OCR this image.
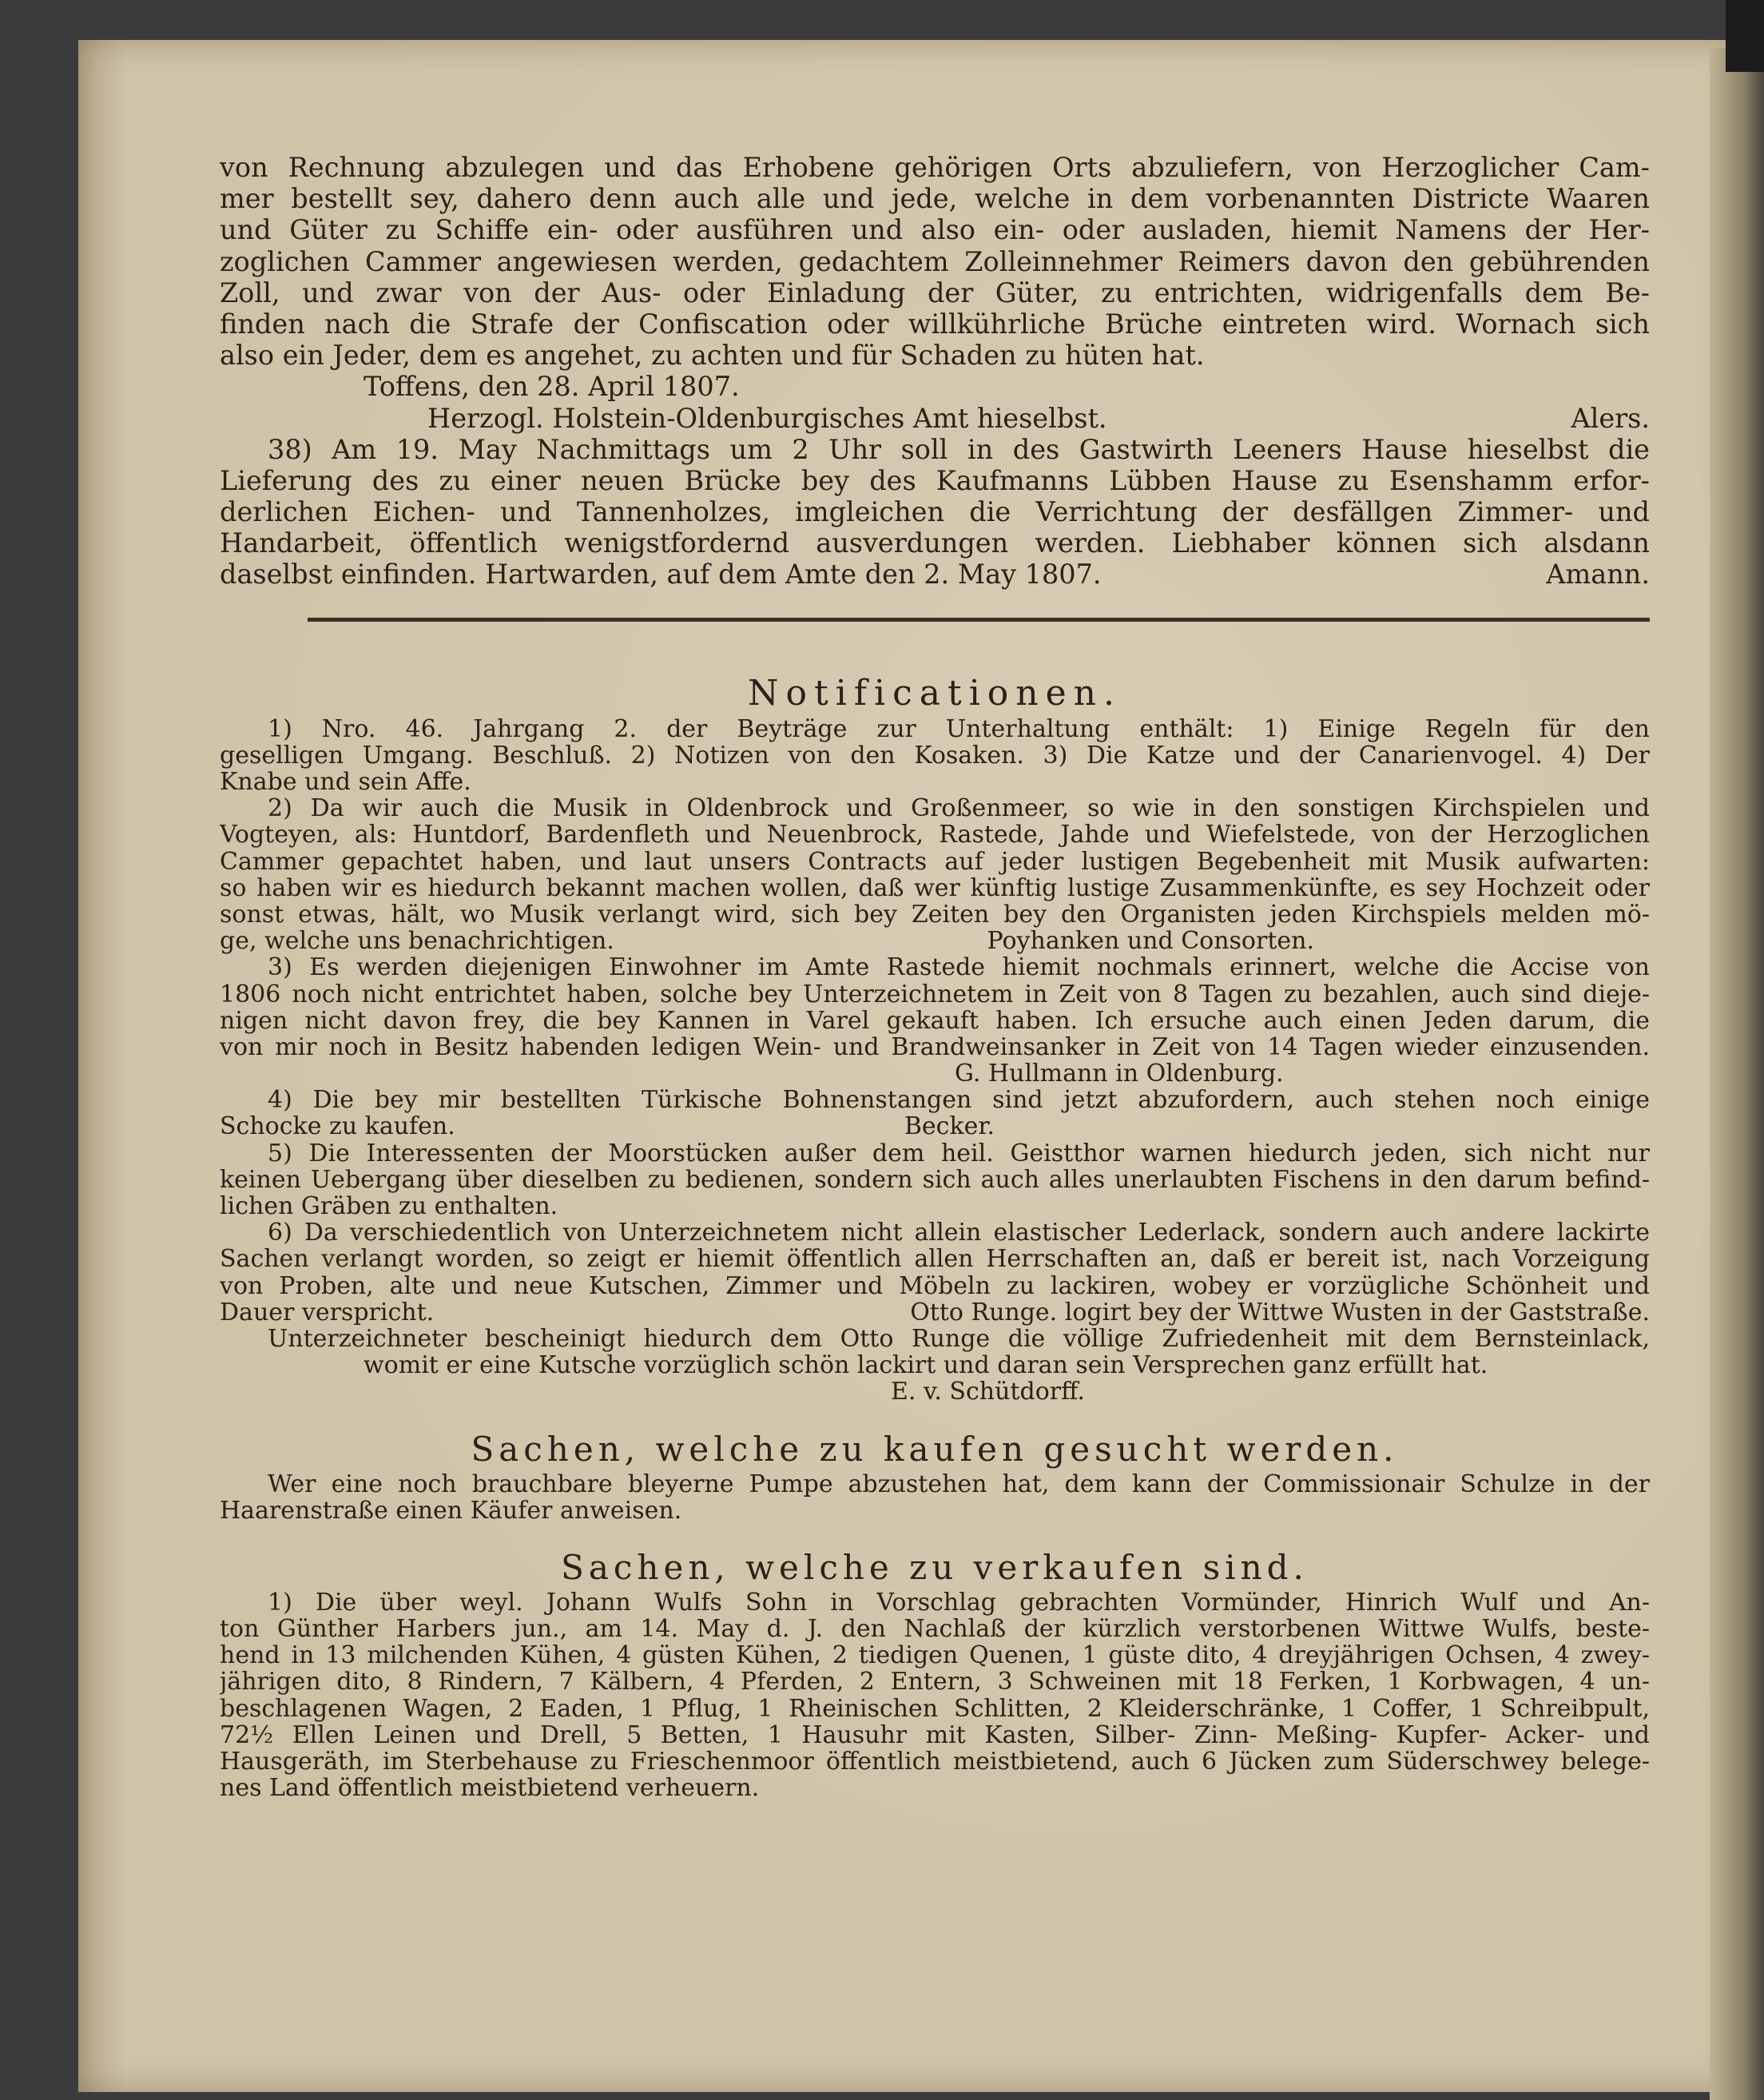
von Rechnung abzulegen und das Erhobene gehörigen Orts abzuliefern, von Herzoglicher Cam-
mer bestellt sey, dahero denn auch alle und jede, welche in dem vorbenannten Districte Waaren
und Güter zu Schiffe ein- oder ausführen und also ein- oder ausladen, hiemit Namens der Her-
zoglichen Cammer angewiesen werden, gedachtem Zolleinnehmer Reimers davon den gebührenden
Zoll, und zwar von der Aus- oder Einladung der Güter, zu entrichten, widrigenfalls dem Be-
finden nach die Strafe der Confiscation oder willkührliche Brüche eintreten wird. Wornach sich
also ein Jeder, dem es angehet, zu achten und für Schaden zu hüten hat.
Toffens, den 28. April 1807.
Herzogl. Holstein-Oldenburgisches Amt hieselbst.	Alers.
38) Am 19. May Nachmittags um 2 Uhr soll in des Gastwirth Leeners Hause hieselbst die
Lieferung des zu einer neuen Brücke bey des Kaufmanns Lübben Hause zu Esenshamm erfor-
derlichen Eichen- und Tannenholzes, imgleichen die Verrichtung der desfällgen Zimmer- und
Handarbeit, öffentlich wenigstfordernd ausverdungen werden. Liebhaber können sich alsdann
daselbst einfinden. Hartwarden, auf dem Amte den 2. May 1807.	Amann.
Notificationen.
1) Nro. 46. Jahrgang 2. der Beyträge zur Unterhaltung enthält: 1) Einige Regeln für den
geselligen Umgang. Beschluß. 2) Notizen von den Kosaken. 3) Die Katze und der Canarienvogel. 4) Der
Knabe und sein Affe.
2) Da wir auch die Musik in Oldenbrock und Großenmeer, so wie in den sonstigen Kirchspielen und
Vogteyen, als: Huntdorf, Bardenfleth und Neuenbrock, Rastede, Jahde und Wiefelstede, von der Herzoglichen
Cammer gepachtet haben, und laut unsers Contracts auf jeder lustigen Begebenheit mit Musik aufwarten:
so haben wir es hiedurch bekannt machen wollen, daß wer künftig lustige Zusammenkünfte, es sey Hochzeit oder
sonst etwas, hält, wo Musik verlangt wird, sich bey Zeiten bey den Organisten jeden Kirchspiels melden mö-
ge, welche uns benachrichtigen.	Poyhanken und Consorten.
3) Es werden diejenigen Einwohner im Amte Rastede hiemit nochmals erinnert, welche die Accise von
1806 noch nicht entrichtet haben, solche bey Unterzeichnetem in Zeit von 8 Tagen zu bezahlen, auch sind dieje-
nigen nicht davon frey, die bey Kannen in Varel gekauft haben. Ich ersuche auch einen Jeden darum, die
von mir noch in Besitz habenden ledigen Wein- und Brandweinsanker in Zeit von 14 Tagen wieder einzusenden.
G. Hullmann in Oldenburg.
4) Die bey mir bestellten Türkische Bohnenstangen sind jetzt abzufordern, auch stehen noch einige
Schocke zu kaufen.	Becker.
5) Die Interessenten der Moorstücken außer dem heil. Geistthor warnen hiedurch jeden, sich nicht nur
keinen Uebergang über dieselben zu bedienen, sondern sich auch alles unerlaubten Fischens in den darum befind-
lichen Gräben zu enthalten.
6) Da verschiedentlich von Unterzeichnetem nicht allein elastischer Lederlack, sondern auch andere lackirte
Sachen verlangt worden, so zeigt er hiemit öffentlich allen Herrschaften an, daß er bereit ist, nach Vorzeigung
von Proben, alte und neue Kutschen, Zimmer und Möbeln zu lackiren, wobey er vorzügliche Schönheit und
Dauer verspricht.	Otto Runge. logirt bey der Wittwe Wusten in der Gaststraße.
Unterzeichneter bescheinigt hiedurch dem Otto Runge die völlige Zufriedenheit mit dem Bernsteinlack,
womit er eine Kutsche vorzüglich schön lackirt und daran sein Versprechen ganz erfüllt hat.
E. v. Schütdorff.
Sachen, welche zu kaufen gesucht werden.
Wer eine noch brauchbare bleyerne Pumpe abzustehen hat, dem kann der Commissionair Schulze in der
Haarenstraße einen Käufer anweisen.
Sachen, welche zu verkaufen sind.
1) Die über weyl. Johann Wulfs Sohn in Vorschlag gebrachten Vormünder, Hinrich Wulf und An-
ton Günther Harbers jun., am 14. May d. J. den Nachlaß der kürzlich verstorbenen Wittwe Wulfs, beste-
hend in 13 milchenden Kühen, 4 güsten Kühen, 2 tiedigen Quenen, 1 güste dito, 4 dreyjährigen Ochsen, 4 zwey-
jährigen dito, 8 Rindern, 7 Kälbern, 4 Pferden, 2 Entern, 3 Schweinen mit 18 Ferken, 1 Korbwagen, 4 un-
beschlagenen Wagen, 2 Eaden, 1 Pflug, 1 Rheinischen Schlitten, 2 Kleiderschränke, 1 Coffer, 1 Schreibpult,
72½ Ellen Leinen und Drell, 5 Betten, 1 Hausuhr mit Kasten, Silber- Zinn- Meßing- Kupfer- Acker- und
Hausgeräth, im Sterbehause zu Frieschenmoor öffentlich meistbietend, auch 6 Jücken zum Süderschwey belege-
nes Land öffentlich meistbietend verheuern.
